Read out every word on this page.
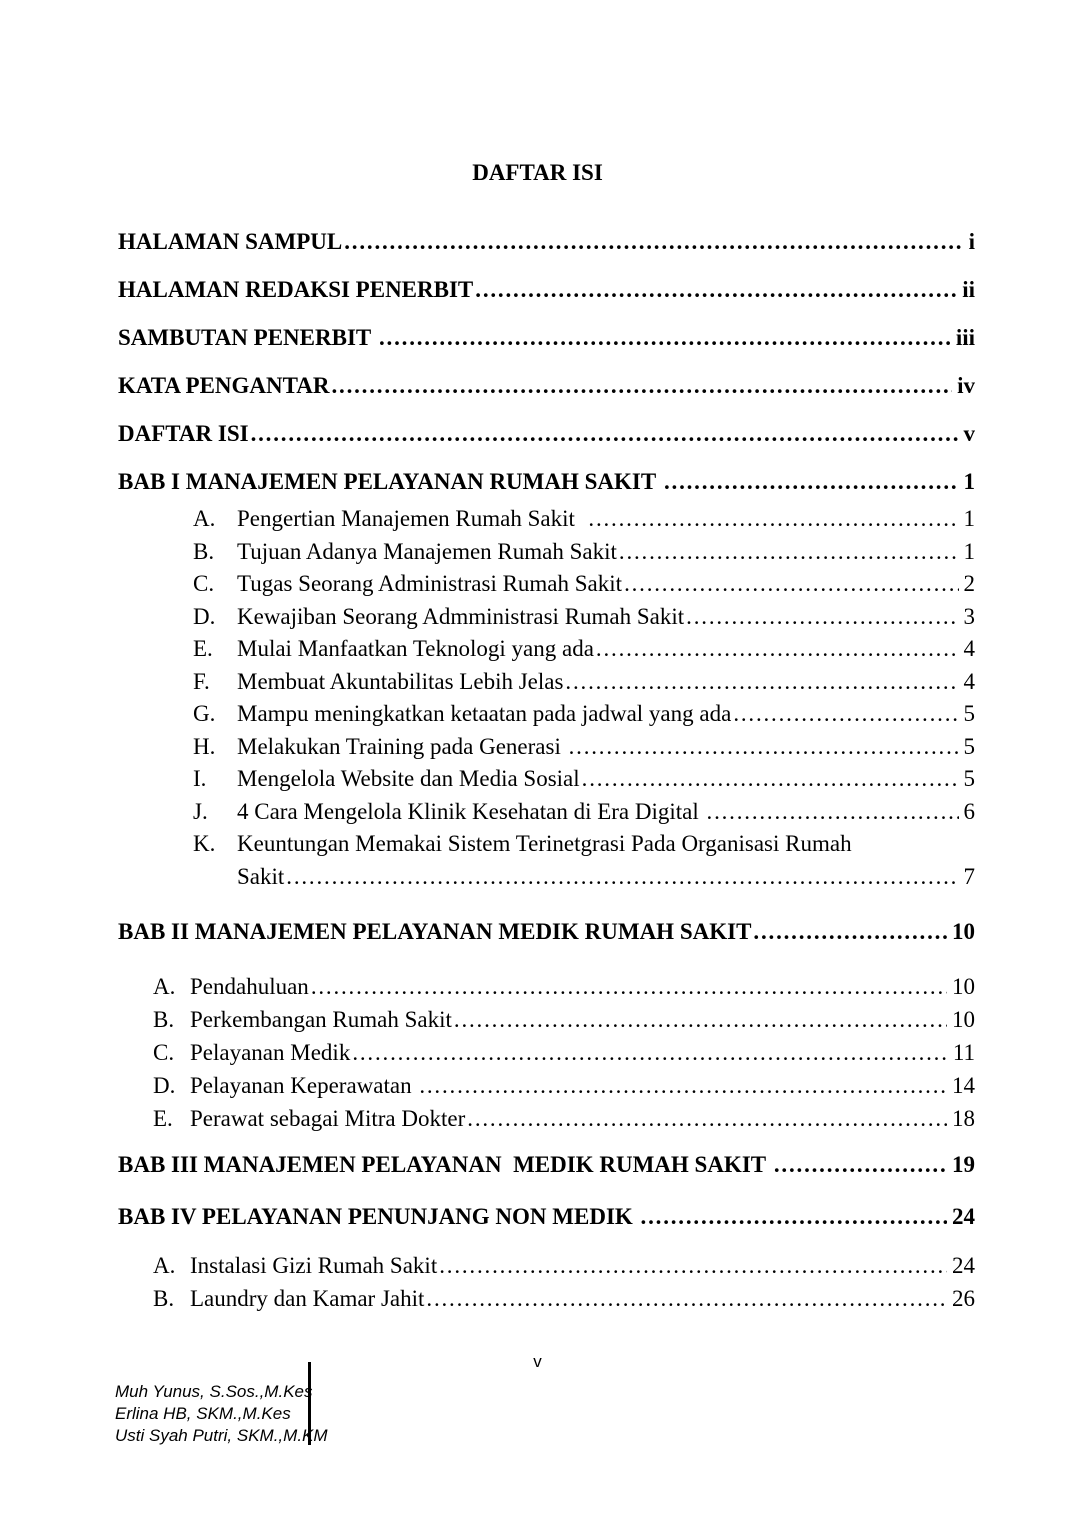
DAFTAR ISI
HALAMAN SAMPUL .....	i
HALAMAN REDAKSI PENERBIT .....	ii
SAMBUTAN PENERBIT .....	iii
KATA PENGANTAR .....	iv
DAFTAR ISI .....	v
BAB I MANAJEMEN PELAYANAN RUMAH SAKIT .....	1
A. Pengertian Manajemen Rumah Sakit .....	1
B. Tujuan Adanya Manajemen Rumah Sakit .....	1
C. Tugas Seorang Administrasi Rumah Sakit .....	2
D. Kewajiban Seorang Admministrasi Rumah Sakit .....	3
E.	Mulai Manfaatkan Teknologi yang ada .....	4
F.	Membuat Akuntabilitas Lebih Jelas .....	4
G. Mampu meningkatkan ketaatan pada jadwal yang ada .....	5
H. Melakukan Training pada Generasi .....	5
I.	Mengelola Website dan Media Sosial .....	5
J.	4 Cara Mengelola Klinik Kesehatan di Era Digital .....	6
K. Keuntungan Memakai Sistem Terinetgrasi Pada Organisasi Rumah
Sakit .....	7
BAB II MANAJEMEN PELAYANAN MEDIK RUMAH SAKIT .....	10
A. Pendahuluan .....	10
B. Perkembangan Rumah Sakit .....	10
C. Pelayanan Medik .....	11
D. Pelayanan Keperawatan .....	14
E. Perawat sebagai Mitra Dokter .....	18
BAB III MANAJEMEN PELAYANAN  MEDIK RUMAH SAKIT .....	19
BAB IV PELAYANAN PENUNJANG NON MEDIK .....	24
A. Instalasi Gizi Rumah Sakit .....	24
B. Laundry dan Kamar Jahit .....	26
v
Muh Yunus, S.Sos.,M.Kes
Erlina HB, SKM.,M.Kes
Usti Syah Putri, SKM.,M.KM
